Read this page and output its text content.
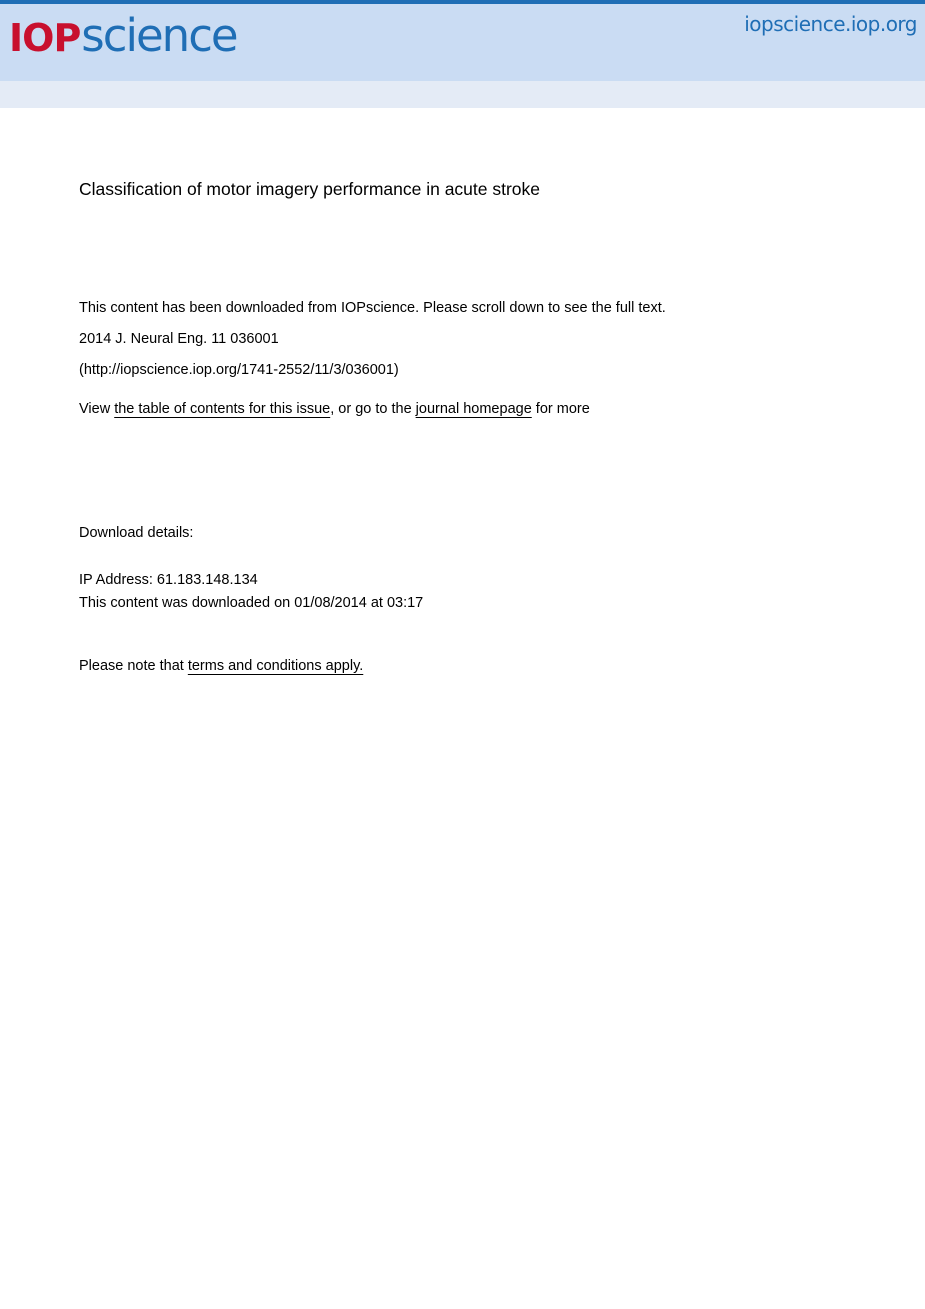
IOP science	iopscience.iop.org
Classification of motor imagery performance in acute stroke
This content has been downloaded from IOPscience. Please scroll down to see the full text.
2014 J. Neural Eng. 11 036001
(http://iopscience.iop.org/1741-2552/11/3/036001)
View the table of contents for this issue, or go to the journal homepage for more
Download details:
IP Address: 61.183.148.134
This content was downloaded on 01/08/2014 at 03:17
Please note that terms and conditions apply.
